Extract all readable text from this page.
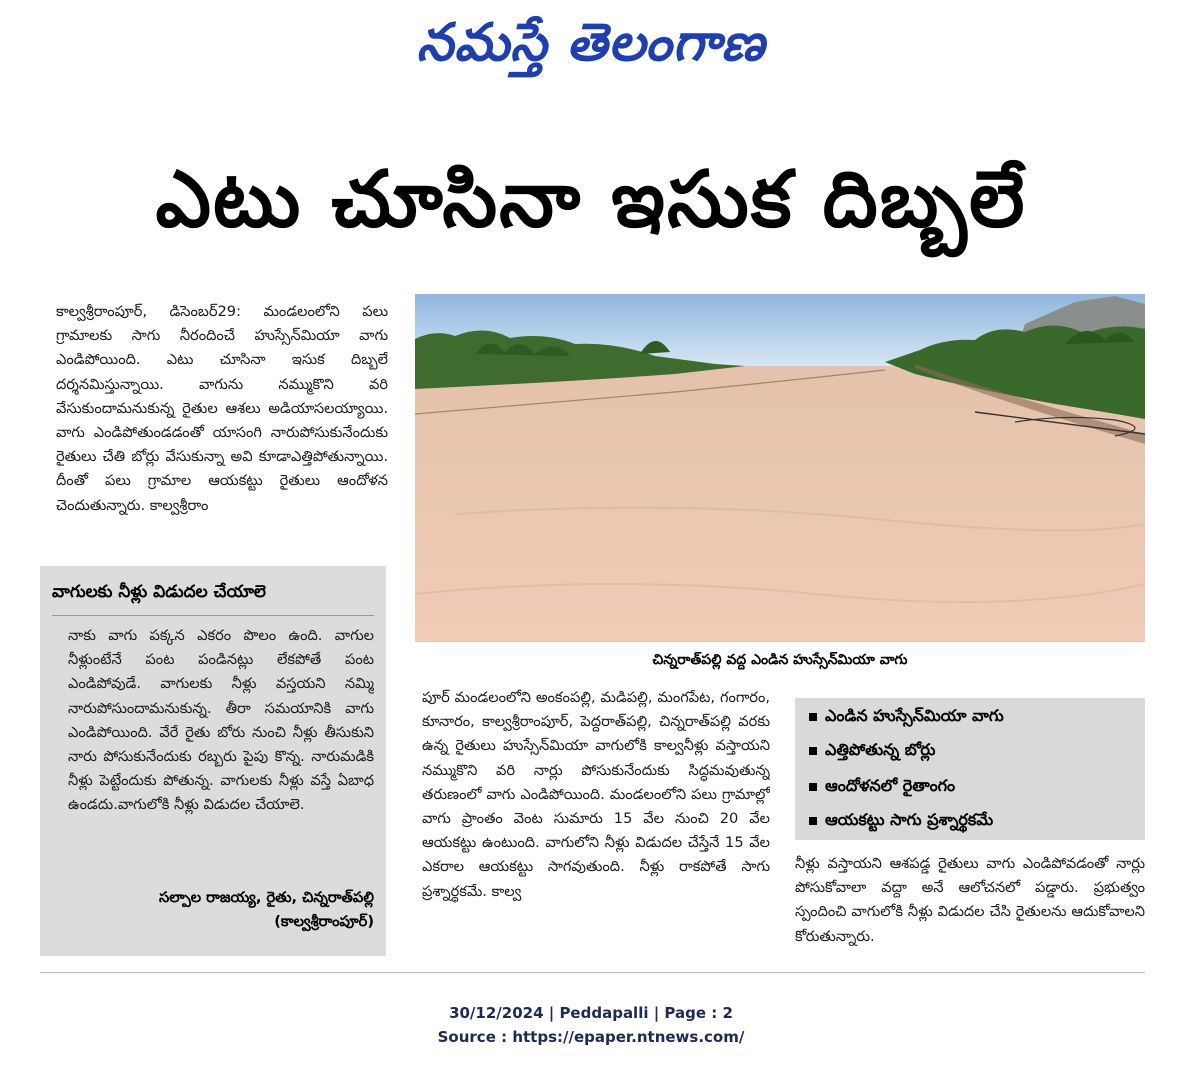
నమస్తే తెలంగాణ
ఎటు చూసినా ఇసుక దిబ్బలే

కాల్వశ్రీరాంపూర్, డిసెంబర్29: మండలంలోని పలు గ్రామాలకు సాగు నీరందించే హుస్సేన్‌మియా వాగు ఎండిపోయింది. ఎటు చూసినా ఇసుక దిబ్బలే దర్శనమిస్తున్నాయి. వాగును నమ్ముకొని వరి వేసుకుందామనుకున్న రైతుల ఆశలు అడియాసలయ్యాయి. వాగు ఎండిపోతుండడంతో యాసంగి నారుపోసుకునేందుకు రైతులు చేతి బోర్లు వేసుకున్నా అవి కూడాఎత్తిపోతున్నాయి. దీంతో పలు గ్రామాల ఆయకట్టు రైతులు ఆందోళన చెందుతున్నారు. కాల్వశ్రీరాం

వాగులకు నీళ్లు విడుదల చేయాలె

నాకు వాగు పక్కన ఎకరం పొలం ఉంది. వాగుల నీళ్లుంటేనే పంట పండినట్లు లేకపోతే పంట ఎండిపోవుడే. వాగులకు నీళ్లు వస్తయని నమ్మి నారుపోసుందామనుకున్న. తీరా సమయానికి వాగు ఎండిపోయింది. వేరే రైతు బోరు నుంచి నీళ్లు తీసుకుని నారు పోసుకునేందుకు రబ్బరు పైపు కొన్న. నారుమడికి నీళ్లు పెట్టేందుకు పోతున్న. వాగులకు నీళ్లు వస్తే ఏబాధ ఉండదు.వాగులోకి నీళ్లు విడుదల చేయాలె.

సల్పాల రాజయ్య, రైతు, చిన్నరాత్‌పల్లి
(కాల్వశ్రీరాంపూర్)
చిన్నరాత్‌పల్లి వద్ద ఎండిన హుస్సేన్‌మియా వాగు

పూర్ మండలంలోని అంకంపల్లి, మడిపల్లి, మంగపేట, గంగారం, కూనారం, కాల్వశ్రీరాంపూర్, పెద్దరాత్‌పల్లి, చిన్నరాత్‌పల్లి వరకు ఉన్న రైతులు హుస్సేన్‌మియా వాగులోకి కాల్వనీళ్లు వస్తాయని నమ్ముకొని వరి నార్లు పోసుకునేందుకు సిద్ధమవుతున్న తరుణంలో వాగు ఎండిపోయింది. మండలంలోని పలు గ్రామాల్లో వాగు ప్రాంతం వెంట సుమారు 15 వేల నుంచి 20 వేల ఆయకట్టు ఉంటుంది. వాగులోని నీళ్లు విడుదల చేస్తేనే 15 వేల ఎకరాల ఆయకట్టు సాగవుతుంది. నీళ్లు రాకపోతే సాగు ప్రశ్నార్థకమే. కాల్వ

ఎండిన హుస్సేన్‌మియా వాగు
ఎత్తిపోతున్న బోర్లు
ఆందోళనలో రైతాంగం
ఆయకట్టు సాగు ప్రశ్నార్థకమే

నీళ్లు వస్తాయని ఆశపడ్డ రైతులు వాగు ఎండిపోవడంతో నార్లు పోసుకోవాలా వద్దా అనే ఆలోచనలో పడ్డారు. ప్రభుత్వం స్పందించి వాగులోకి నీళ్లు విడుదల చేసి రైతులను ఆదుకోవాలని కోరుతున్నారు.

30/12/2024 | Peddapalli | Page : 2
Source : https://epaper.ntnews.com/
